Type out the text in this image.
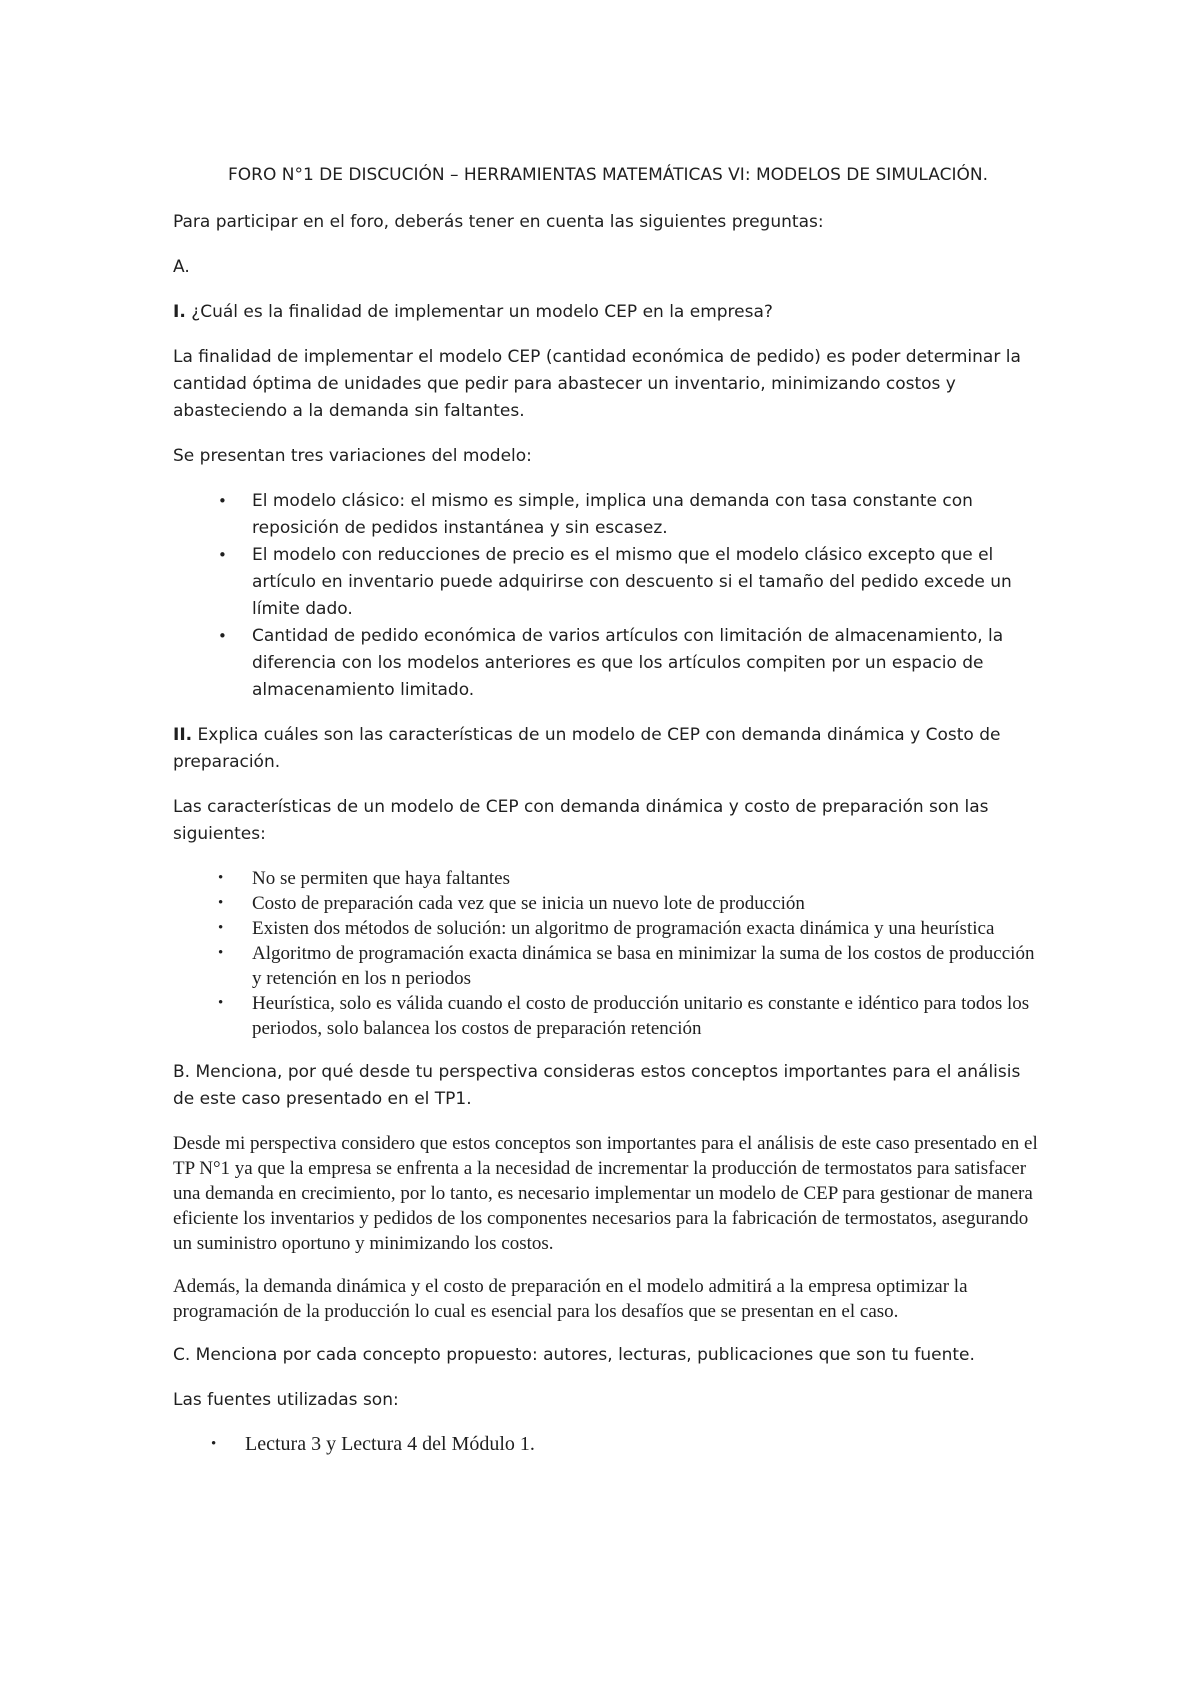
FORO N°1 DE DISCUCIÓN – HERRAMIENTAS MATEMÁTICAS VI: MODELOS DE SIMULACIÓN.

Para participar en el foro, deberás tener en cuenta las siguientes preguntas:

A.

I. ¿Cuál es la finalidad de implementar un modelo CEP en la empresa?

La finalidad de implementar el modelo CEP (cantidad económica de pedido) es poder determinar la cantidad óptima de unidades que pedir para abastecer un inventario, minimizando costos y abasteciendo a la demanda sin faltantes.

Se presentan tres variaciones del modelo:

• El modelo clásico: el mismo es simple, implica una demanda con tasa constante con reposición de pedidos instantánea y sin escasez.
• El modelo con reducciones de precio es el mismo que el modelo clásico excepto que el artículo en inventario puede adquirirse con descuento si el tamaño del pedido excede un límite dado.
• Cantidad de pedido económica de varios artículos con limitación de almacenamiento, la diferencia con los modelos anteriores es que los artículos compiten por un espacio de almacenamiento limitado.

II. Explica cuáles son las características de un modelo de CEP con demanda dinámica y Costo de preparación.

Las características de un modelo de CEP con demanda dinámica y costo de preparación son las siguientes:

• No se permiten que haya faltantes
• Costo de preparación cada vez que se inicia un nuevo lote de producción
• Existen dos métodos de solución: un algoritmo de programación exacta dinámica y una heurística
• Algoritmo de programación exacta dinámica se basa en minimizar la suma de los costos de producción y retención en los n periodos
• Heurística, solo es válida cuando el costo de producción unitario es constante e idéntico para todos los periodos, solo balancea los costos de preparación retención

B. Menciona, por qué desde tu perspectiva consideras estos conceptos importantes para el análisis de este caso presentado en el TP1.

Desde mi perspectiva considero que estos conceptos son importantes para el análisis de este caso presentado en el TP N°1 ya que la empresa se enfrenta a la necesidad de incrementar la producción de termostatos para satisfacer una demanda en crecimiento, por lo tanto, es necesario implementar un modelo de CEP para gestionar de manera eficiente los inventarios y pedidos de los componentes necesarios para la fabricación de termostatos, asegurando un suministro oportuno y minimizando los costos.

Además, la demanda dinámica y el costo de preparación en el modelo admitirá a la empresa optimizar la programación de la producción lo cual es esencial para los desafíos que se presentan en el caso.

C. Menciona por cada concepto propuesto: autores, lecturas, publicaciones que son tu fuente.

Las fuentes utilizadas son:

• Lectura 3 y Lectura 4 del Módulo 1.
